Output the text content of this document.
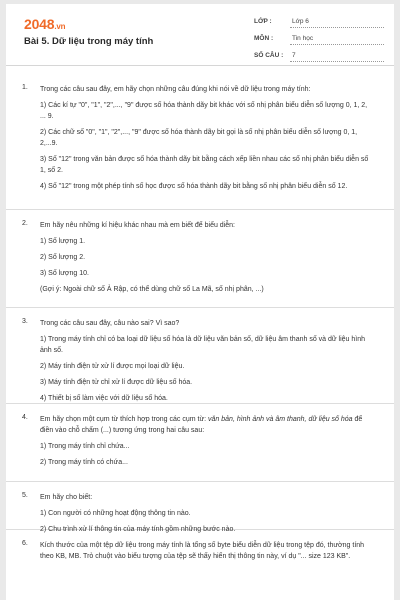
2048.vn
Bài 5. Dữ liệu trong máy tính
LỚP :	Lớp 6
MÔN :	Tin học
SỐ CÂU :	7
1. Trong các câu sau đây, em hãy chọn những câu đúng khi nói về dữ liệu trong máy tính:
1) Các kí tự "0", "1", "2",..., "9" được số hóa thành dãy bit khác với số nhị phân biểu diễn số lượng 0, 1, 2, ... 9.
2) Các chữ số "0", "1", "2",..., "9" được số hóa thành dãy bit gọi là số nhị phân biểu diễn số lượng 0, 1, 2,...9.
3) Số "12" trong văn bản được số hóa thành dãy bit bằng cách xếp liền nhau các số nhị phân biểu diễn số 1, số 2.
4) Số "12" trong một phép tính số học được số hóa thành dãy bit bằng số nhị phân biểu diễn số 12.
2. Em hãy nêu những kí hiệu khác nhau mà em biết để biểu diễn:
1) Số lượng 1.
2) Số lượng 2.
3) Số lượng 10.
(Gợi ý: Ngoài chữ số Ả Rập, có thể dùng chữ số La Mã, số nhị phân, ...)
3. Trong các câu sau đây, câu nào sai? Vì sao?
1) Trong máy tính chỉ có ba loại dữ liệu số hóa là dữ liệu văn bản số, dữ liệu âm thanh số và dữ liệu hình ảnh số.
2) Máy tính điện tử xử lí được mọi loại dữ liệu.
3) Máy tính điện tử chỉ xử lí được dữ liệu số hóa.
4) Thiết bị số làm việc với dữ liệu số hóa.
4. Em hãy chọn một cụm từ thích hợp trong các cụm từ: văn bản, hình ảnh và âm thanh, dữ liệu số hóa để điền vào chỗ chấm (...) tương ứng trong hai câu sau:
1) Trong máy tính chỉ chứa...
2) Trong máy tính có chứa...
5. Em hãy cho biết:
1) Con người có những hoạt động thông tin nào.
2) Chu trình xử lí thông tin của máy tính gồm những bước nào.
6. Kích thước của một tệp dữ liệu trong máy tính là tổng số byte biểu diễn dữ liệu trong tệp đó, thường tính theo KB, MB. Trỏ chuột vào biểu tượng của tệp sẽ thấy hiển thị thông tin này, ví dụ "... size 123 KB".
